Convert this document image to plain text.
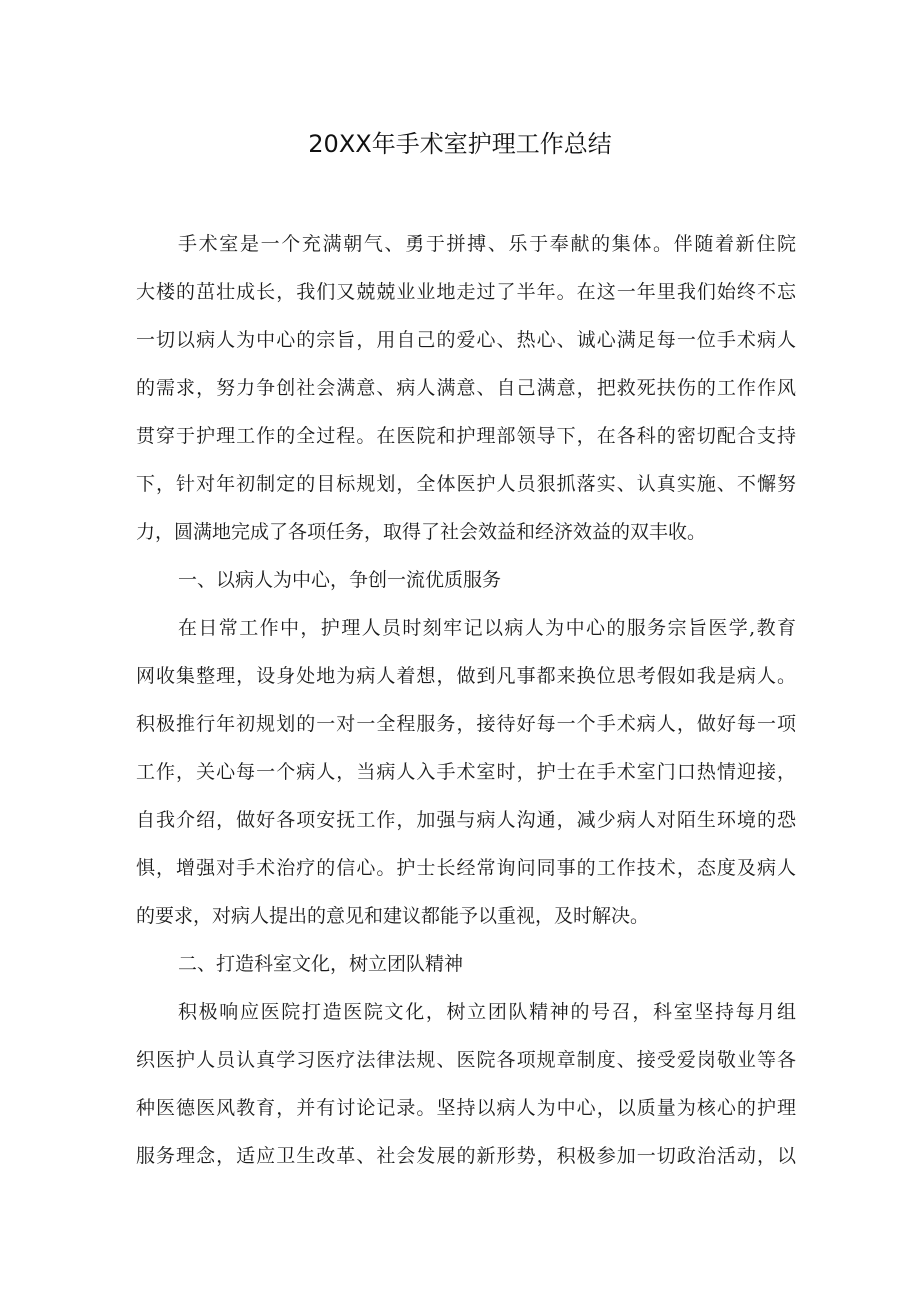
20XX年手术室护理工作总结
手术室是一个充满朝气、勇于拼搏、乐于奉献的集体。伴随着新住院
大楼的茁壮成长，我们又兢兢业业地走过了半年。在这一年里我们始终不忘
一切以病人为中心的宗旨，用自己的爱心、热心、诚心满足每一位手术病人
的需求，努力争创社会满意、病人满意、自己满意，把救死扶伤的工作作风
贯穿于护理工作的全过程。在医院和护理部领导下，在各科的密切配合支持
下，针对年初制定的目标规划，全体医护人员狠抓落实、认真实施、不懈努
力，圆满地完成了各项任务，取得了社会效益和经济效益的双丰收。
一、以病人为中心，争创一流优质服务
在日常工作中，护理人员时刻牢记以病人为中心的服务宗旨医学,教育
网收集整理，设身处地为病人着想，做到凡事都来换位思考假如我是病人。
积极推行年初规划的一对一全程服务，接待好每一个手术病人，做好每一项
工作，关心每一个病人，当病人入手术室时，护士在手术室门口热情迎接，
自我介绍，做好各项安抚工作，加强与病人沟通，减少病人对陌生环境的恐
惧，增强对手术治疗的信心。护士长经常询问同事的工作技术，态度及病人
的要求，对病人提出的意见和建议都能予以重视，及时解决。
二、打造科室文化，树立团队精神
积极响应医院打造医院文化，树立团队精神的号召，科室坚持每月组
织医护人员认真学习医疗法律法规、医院各项规章制度、接受爱岗敬业等各
种医德医风教育，并有讨论记录。坚持以病人为中心，以质量为核心的护理
服务理念，适应卫生改革、社会发展的新形势，积极参加一切政治活动，以
